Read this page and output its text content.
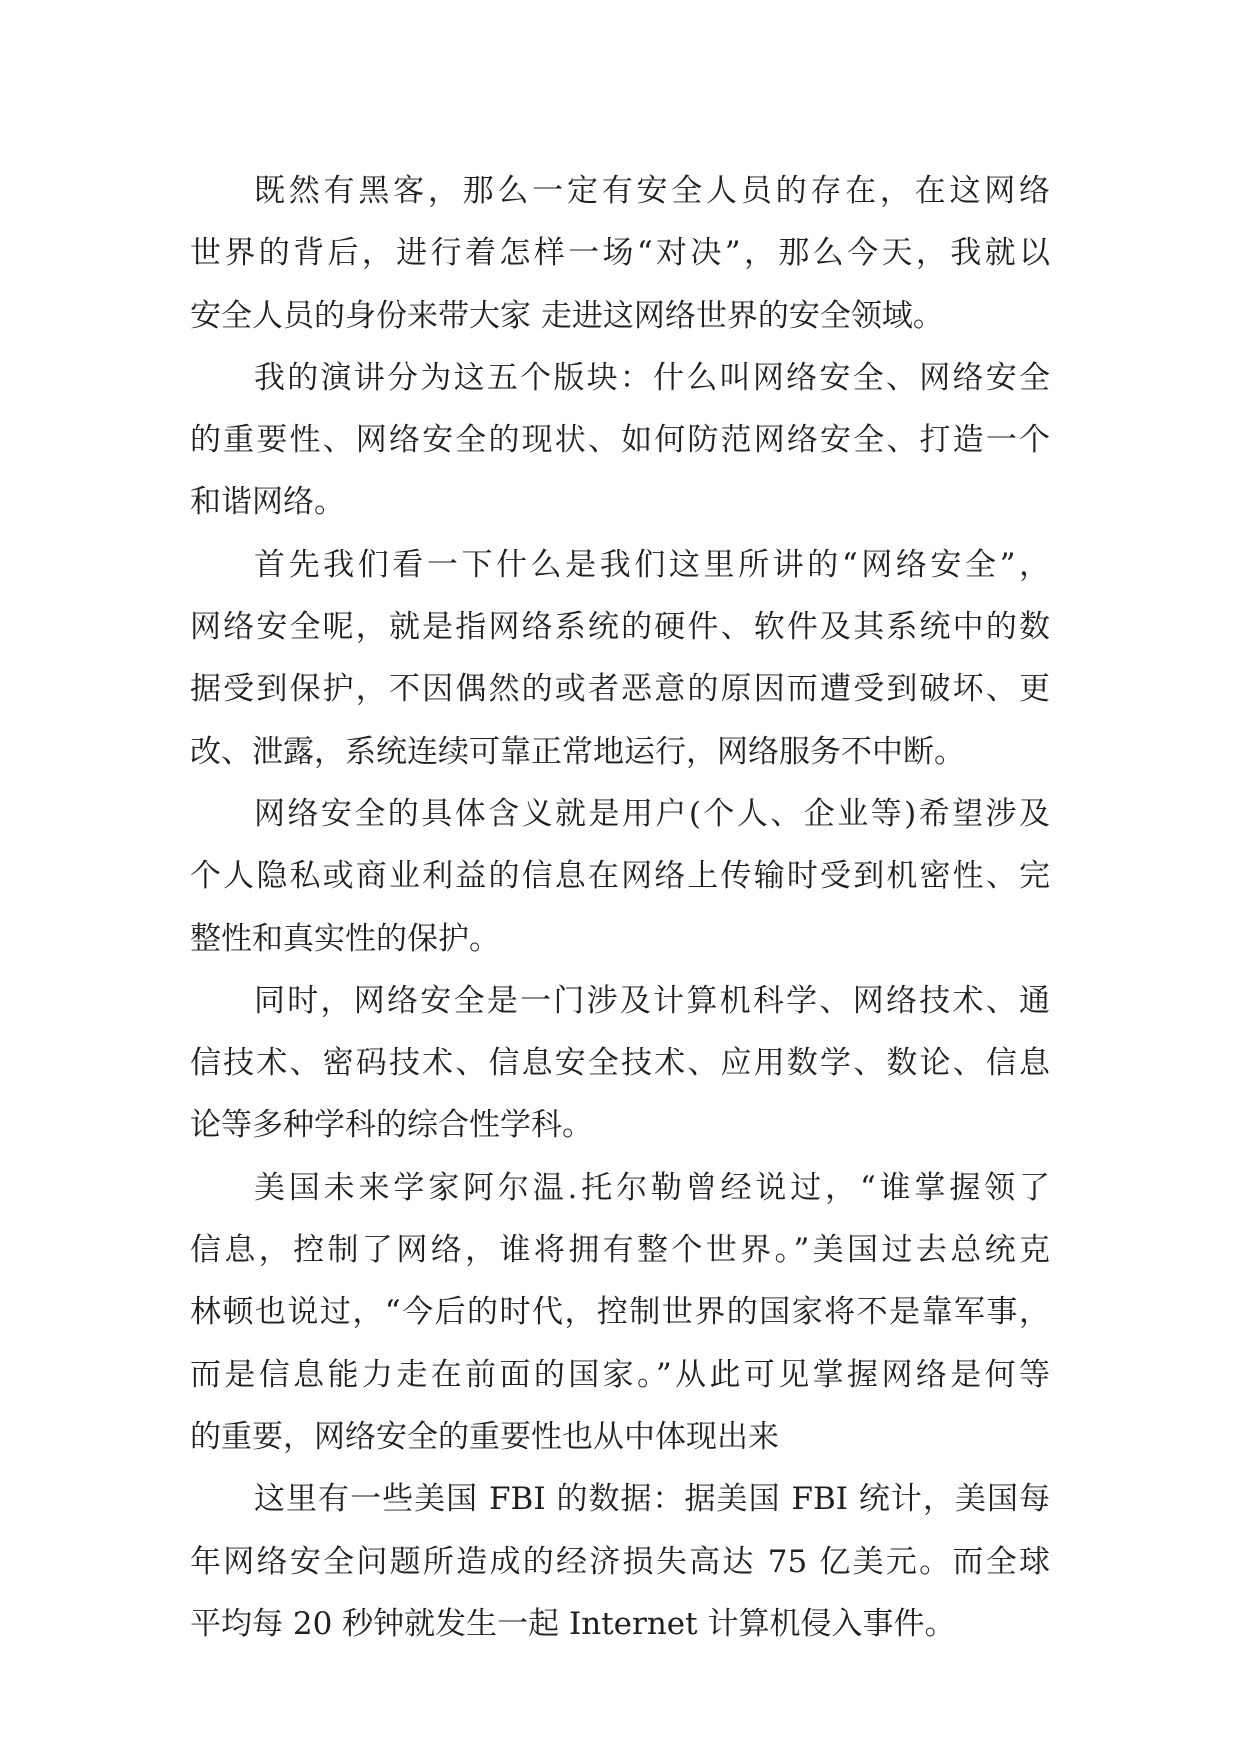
既然有黑客，那么一定有安全人员的存在，在这网络
世界的背后，进行着怎样一场“对决”，那么今天，我就以
安全人员的身份来带大家 走进这网络世界的安全领域。
我的演讲分为这五个版块：什么叫网络安全、网络安全
的重要性、网络安全的现状、如何防范网络安全、打造一个
和谐网络。
首先我们看一下什么是我们这里所讲的“网络安全”，
网络安全呢，就是指网络系统的硬件、软件及其系统中的数
据受到保护，不因偶然的或者恶意的原因而遭受到破坏、更
改、泄露，系统连续可靠正常地运行，网络服务不中断。
网络安全的具体含义就是用户(个人、企业等)希望涉及
个人隐私或商业利益的信息在网络上传输时受到机密性、完
整性和真实性的保护。
同时，网络安全是一门涉及计算机科学、网络技术、通
信技术、密码技术、信息安全技术、应用数学、数论、信息
论等多种学科的综合性学科。
美国未来学家阿尔温.托尔勒曾经说过，“谁掌握领了
信息，控制了网络，谁将拥有整个世界。”美国过去总统克
林顿也说过，“今后的时代，控制世界的国家将不是靠军事，
而是信息能力走在前面的国家。”从此可见掌握网络是何等
的重要，网络安全的重要性也从中体现出来
这里有一些美国 FBI 的数据：据美国 FBI 统计，美国每
年网络安全问题所造成的经济损失高达 75 亿美元。而全球
平均每 20 秒钟就发生一起 Internet 计算机侵入事件。
